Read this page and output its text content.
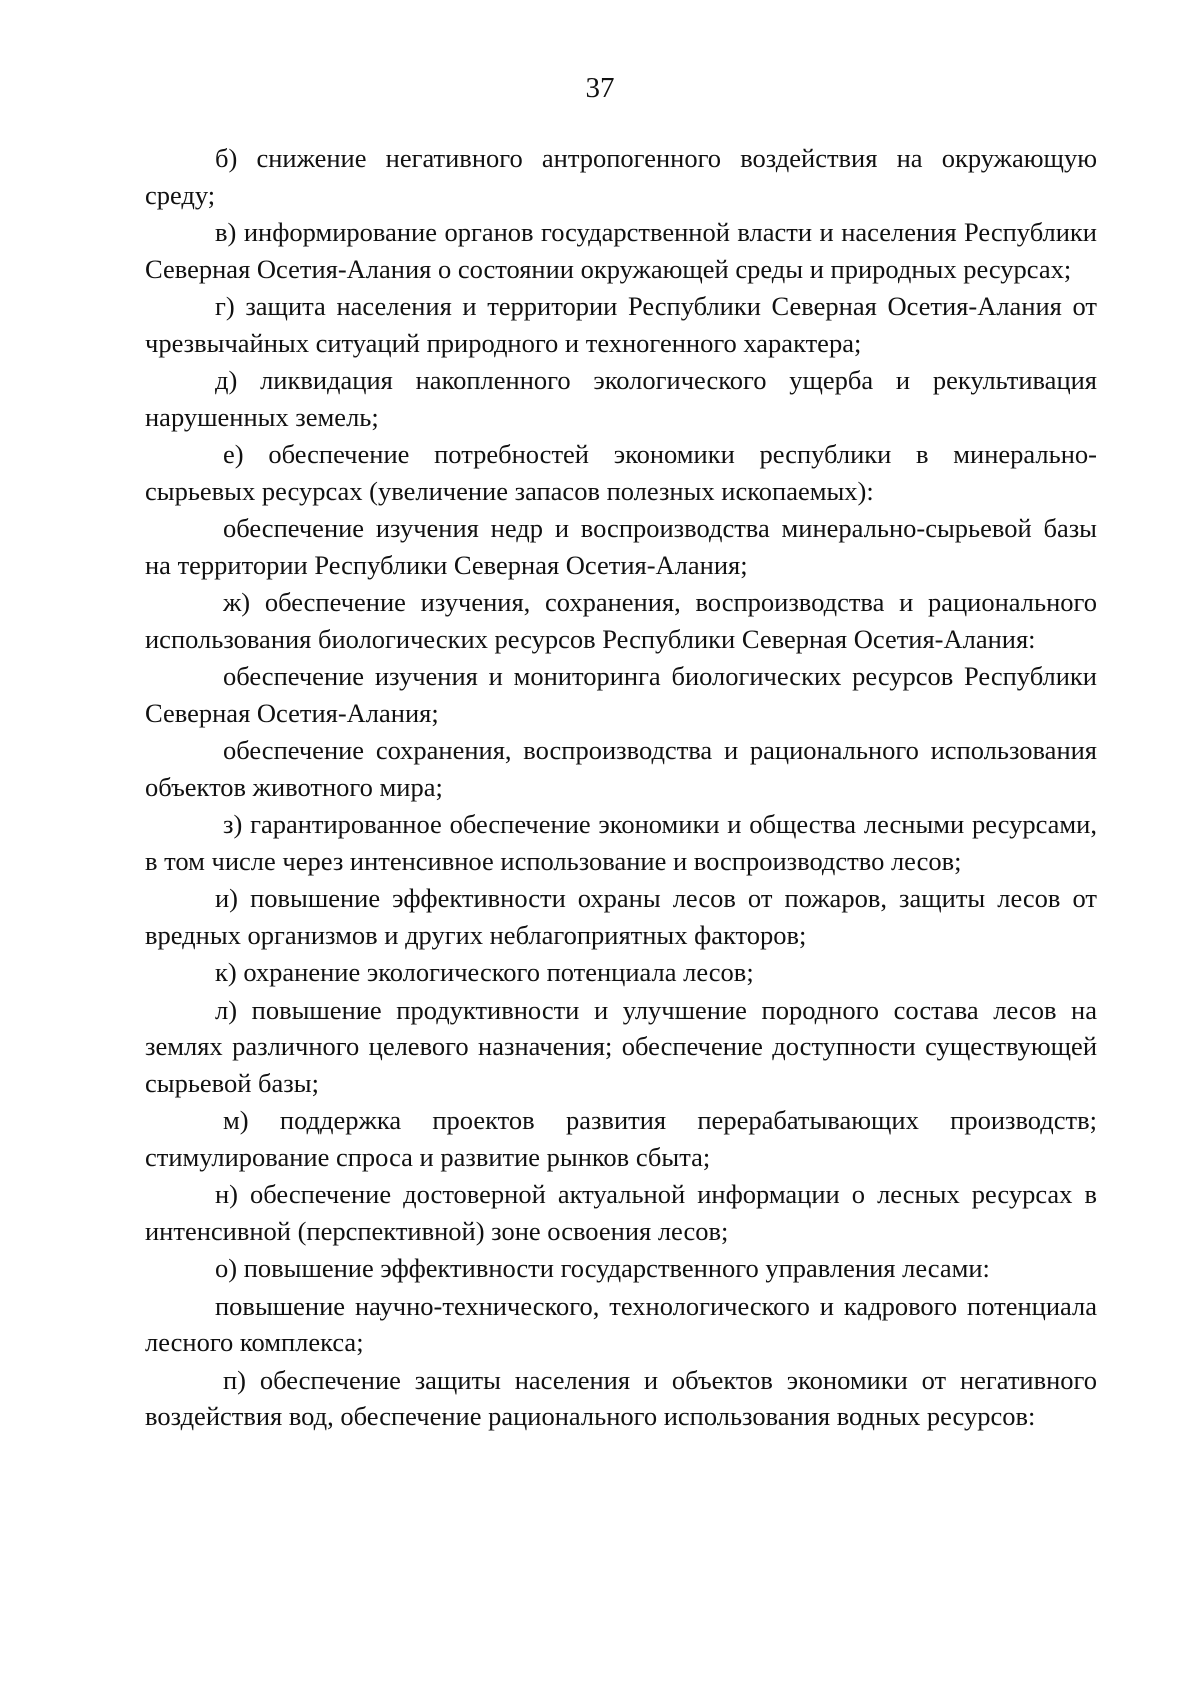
37

б) снижение негативного антропогенного воздействия на окружающую среду;

в) информирование органов государственной власти и населения Республики Северная Осетия-Алания о состоянии окружающей среды и природных ресурсах;

г) защита населения и территории Республики Северная Осетия-Алания от чрезвычайных ситуаций природного и техногенного характера;

д) ликвидация накопленного экологического ущерба и рекультивация нарушенных земель;

е) обеспечение потребностей экономики республики в минерально-сырьевых ресурсах (увеличение запасов полезных ископаемых):

обеспечение изучения недр и воспроизводства минерально-сырьевой базы на территории Республики Северная Осетия-Алания;

ж) обеспечение изучения, сохранения, воспроизводства и рационального использования биологических ресурсов Республики Северная Осетия-Алания:

обеспечение изучения и мониторинга биологических ресурсов Республики Северная Осетия-Алания;

обеспечение сохранения, воспроизводства и рационального использования объектов животного мира;

з) гарантированное обеспечение экономики и общества лесными ресурсами, в том числе через интенсивное использование и воспроизводство лесов;

и) повышение эффективности охраны лесов от пожаров, защиты лесов от вредных организмов и других неблагоприятных факторов;

к) охранение экологического потенциала лесов;

л) повышение продуктивности и улучшение породного состава лесов на землях различного целевого назначения; обеспечение доступности существующей сырьевой базы;

м) поддержка проектов развития перерабатывающих производств; стимулирование спроса и развитие рынков сбыта;

н) обеспечение достоверной актуальной информации о лесных ресурсах в интенсивной (перспективной) зоне освоения лесов;

о) повышение эффективности государственного управления лесами:

повышение научно-технического, технологического и кадрового потенциала лесного комплекса;

п) обеспечение защиты населения и объектов экономики от негативного воздействия вод, обеспечение рационального использования водных ресурсов:
